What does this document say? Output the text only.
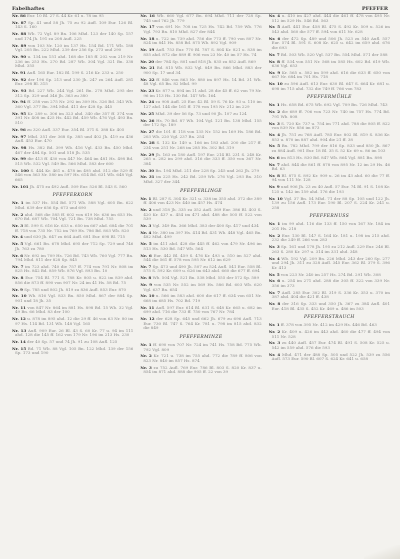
Fabelhaftes	PFEFFER
Nr. 86 Eur. 10 Bl. 27 S. 44 Kr. 61 u. 78 im 95
Nr. 87 Sp. 41 und 58 Jh. 75 zu 92 Aufl. 109 Eur. 126 Bl. 143 S. 160
Nr. 88 Wb. 72 Vgl. 89 Bn. 106 Mhd. 123 der 140 Sp. 157 und 174 Jh. 191 zu 208 Aufl. 225
Nr. 89 von 103 Nr. 120 im 137 Hs. 154 Bd. 171 Wb. 188 Vgl. 205 Bn. 222 Mhd. 239 der 256 Sp. 273 und 290
Nr. 90 u. 134 im 151 ahd. 168 die 185 ff. 202 von 219 Nr. 236 im 253 Hs. 270 Bd. 287 Wb. 304 Vgl. 321 Bn. 338 Mhd. 355
Nr. 91 Aufl. 165 Eur. 182 Bl. 199 S. 216 Kr. 233 u. 250
Nr. 92 der 196 Sp. 213 und 230 Jh. 247 zu 264 Aufl. 281 Eur. 298 Bl. 315
Nr. 93 Bd. 227 Wb. 244 Vgl. 261 Bn. 278 Mhd. 295 der 312 Sp. 329 und 346 Jh. 363 zu 380
Nr. 94 ff. 258 von 275 Nr. 292 im 309 Hs. 326 Bd. 343 Wb. 360 Vgl. 377 Bn. 394 Mhd. 411 der 428 Sp. 445
Nr. 95 Kr. 289 u. 306 im 323 ahd. 340 die 357 ff. 374 von 391 Nr. 408 im 425 Hs. 442 Bd. 459 Wb. 476 Vgl. 493 Bn. 510
Nr. 96 zu 320 Aufl. 337 Eur. 354 Bl. 371 S. 388 Kr. 405
Nr. 97 Mhd. 351 der 368 Sp. 385 und 402 Jh. 419 zu 436 Aufl. 453 Eur. 470
Nr. 98 Hs. 382 Bd. 399 Wb. 416 Vgl. 433 Bn. 450 Mhd. 467 der 484 Sp. 501 und 518 Jh. 535
Nr. 99 die 413 ff. 430 von 447 Nr. 464 im 481 Hs. 498 Bd. 515 Wb. 532 Vgl. 549 Bn. 566 Mhd. 583 der 600
Nr. 100 S. 444 Kr. 461 u. 478 im 495 ahd. 512 die 529 ff. 546 von 563 Nr. 580 im 597 Hs. 614 Bd. 631 Wb. 648 Vgl. 665
Nr. 101 Jh. 475 zu 492 Aufl. 509 Eur. 526 Bl. 543 S. 560
PFEFFERKORN
Nr. 1 im 537 Hs. 554 Bd. 571 Wb. 588 Vgl. 605 Bn. 622 Mhd. 639 der 656 Sp. 673 und 690
Nr. 2 ahd. 568 die 585 ff. 602 von 619 Nr. 636 im 653 Hs. 670 Bd. 687 Wb. 704 Vgl. 721 Bn. 738 Mhd. 755
Nr. 3 Bl. 599 S. 616 Kr. 633 u. 650 im 667 ahd. 684 die 701 ff. 718 von 735 Nr. 752 im 769 Hs. 786 Bd. 803 Wb. 820
Nr. 4 und 630 Jh. 647 zu 664 Aufl. 681 Eur. 698 Bl. 715
Nr. 5 Vgl. 661 Bn. 678 Mhd. 695 der 712 Sp. 729 und 746 Jh. 763 zu 780
Nr. 6 Nr. 692 im 709 Hs. 726 Bd. 743 Wb. 760 Vgl. 777 Bn. 794 Mhd. 811 der 828 Sp. 845
Nr. 7 im 723 ahd. 740 die 757 ff. 774 von 791 Nr. 808 im 825 Hs. 842 Bd. 859 Wb. 876 Vgl. 893 Bn. 10
Nr. 8 Eur. 754 Bl. 771 S. 788 Kr. 805 u. 822 im 839 ahd. 856 die 873 ff. 890 von 907 Nr. 24 im 41 Hs. 58 Bd. 75
Nr. 9 Sp. 785 und 802 Jh. 819 zu 836 Aufl. 853 Eur. 870
Nr. 10 Wb. 816 Vgl. 833 Bn. 850 Mhd. 867 der 884 Sp. 901 und 18 Jh. 35
Nr. 11 von 847 Nr. 864 im 881 Hs. 898 Bd. 15 Wb. 32 Vgl. 49 Bn. 66 Mhd. 83 der 100
Nr. 12 u. 878 im 895 ahd. 12 die 29 ff. 46 von 63 Nr. 80 im 97 Hs. 114 Bd. 131 Wb. 148 Vgl. 165
Nr. 13 Aufl. 909 Eur. 26 Bl. 43 S. 60 Kr. 77 u. 94 im 111 ahd. 128 die 145 ff. 162 von 179 Nr. 196 im 213 Hs. 230
Nr. 14 der 40 Sp. 57 und 74 Jh. 91 zu 108 Aufl. 125
Nr. 15 Bd. 71 Wb. 88 Vgl. 105 Bn. 122 Mhd. 139 der 156 Sp. 173 und 190
Nr. 16 Wb. 660 Vgl. 677 Bn. 694 Mhd. 711 der 728 Sp. 745 und 762 Jh. 779
Nr. 17 von 691 Nr. 708 im 725 Hs. 742 Bd. 759 Wb. 776 Vgl. 793 Bn. 810 Mhd. 827 der 844
Nr. 18 u. 722 im 739 ahd. 756 die 773 ff. 790 von 807 Nr. 824 im 841 Hs. 858 Bd. 875 Wb. 892 Vgl. 909
Nr. 19 Aufl. 753 Eur. 770 Bl. 787 S. 804 Kr. 821 u. 838 im 855 ahd. 872 die 889 ff. 906 von 23 Nr. 40 im 57 Hs. 74
Nr. 20 der 784 Sp. 801 und 818 Jh. 835 zu 852 Aufl. 869
Nr. 21 Bd. 815 Wb. 832 Vgl. 849 Bn. 866 Mhd. 883 der 900 Sp. 17 und 34
Nr. 22 ff. 846 von 863 Nr. 880 im 897 Hs. 14 Bd. 31 Wb. 48 Vgl. 65 Bn. 82 Mhd. 99
Nr. 23 Kr. 877 u. 894 im 11 ahd. 28 die 45 ff. 62 von 79 Nr. 96 im 113 Hs. 130 Bd. 147 Wb. 164
Nr. 24 zu 908 Aufl. 25 Eur. 42 Bl. 59 S. 76 Kr. 93 u. 110 im 127 ahd. 144 die 161 ff. 178 von 195 Nr. 212 im 229
Nr. 25 Mhd. 39 der 56 Sp. 73 und 90 Jh. 107 zu 124
Nr. 26 Hs. 70 Bd. 87 Wb. 104 Vgl. 121 Bn. 138 Mhd. 155 der 172 Sp. 189
Nr. 27 die 101 ff. 118 von 135 Nr. 152 im 169 Hs. 186 Bd. 203 Wb. 220 Vgl. 237 Bn. 254
Nr. 28 S. 132 Kr. 149 u. 166 im 183 ahd. 200 die 217 ff. 234 von 251 Nr. 268 im 285 Hs. 302 Bd. 319
Nr. 29 Jh. 163 zu 180 Aufl. 197 Eur. 214 Bl. 231 S. 248 Kr. 265 u. 282 im 299 ahd. 316 die 333 ff. 350 von 367 Nr. 384
Nr. 30 Bn. 194 Mhd. 211 der 228 Sp. 245 und 262 Jh. 279
Nr. 31 im 225 Hs. 242 Bd. 259 Wb. 276 Vgl. 293 Bn. 310 Mhd. 327 der 344
PFEFFERLINGE
Nr. 1 Bl. 287 S. 304 Kr. 321 u. 338 im 355 ahd. 372 die 389 ff. 406 von 423 Nr. 440 im 457 Hs. 474
Nr. 2 und 318 Jh. 335 zu 352 Aufl. 369 Eur. 386 Bl. 403 S. 420 Kr. 437 u. 454 im 471 ahd. 488 die 505 ff. 522 von 539
Nr. 3 Vgl. 349 Bn. 366 Mhd. 383 der 400 Sp. 417 und 434
Nr. 4 Nr. 380 im 397 Hs. 414 Bd. 431 Wb. 448 Vgl. 465 Bn. 482 Mhd. 499
Nr. 5 im 411 ahd. 428 die 445 ff. 462 von 479 Nr. 496 im 513 Hs. 530 Bd. 547 Wb. 564
Nr. 6 Eur. 442 Bl. 459 S. 476 Kr. 493 u. 510 im 527 ahd. 544 die 561 ff. 578 von 595 Nr. 612 im 629
Nr. 7 Sp. 473 und 490 Jh. 507 zu 524 Aufl. 541 Eur. 558 Bl. 575 S. 592 Kr. 609 u. 626 im 643 ahd. 660 die 677 ff. 694
Nr. 8 Wb. 504 Vgl. 521 Bn. 538 Mhd. 555 der 572 Sp. 589
Nr. 9 von 535 Nr. 552 im 569 Hs. 586 Bd. 603 Wb. 620 Vgl. 637 Bn. 654
Nr. 10 u. 566 im 583 ahd. 600 die 617 ff. 634 von 651 Nr. 668 im 685 Hs. 702 Bd. 719
Nr. 11 Aufl. 597 Eur. 614 Bl. 631 S. 648 Kr. 665 u. 682 im 699 ahd. 716 die 733 ff. 750 von 767 Nr. 784
Nr. 12 der 628 Sp. 645 und 662 Jh. 679 zu 696 Aufl. 713 Eur. 730 Bl. 747 S. 764 Kr. 781 u. 798 im 815 ahd. 832 die 849
PFEFFERMINZE
Nr. 1 ff. 690 von 707 Nr. 724 im 741 Hs. 758 Bd. 775 Wb. 792 Vgl. 809
Nr. 2 Kr. 721 u. 738 im 755 ahd. 772 die 789 ff. 806 von 823 Nr. 840 im 857 Hs. 874
Nr. 3 zu 752 Aufl. 769 Eur. 786 Bl. 803 S. 820 Kr. 837 u. 854 im 871 ahd. 888 die 905 ff. 22 von 39
Nr. 4 u. 410 im 427 ahd. 444 die 461 ff. 478 von 495 Nr. 512 im 529 Hs. 546 Bd. 563
Nr. 5 Aufl. 441 Eur. 458 Bl. 475 S. 492 Kr. 509 u. 526 im 543 ahd. 560 die 577 ff. 594 von 611 Nr. 628
Nr. 6 der 472 Sp. 489 und 506 Jh. 523 zu 540 Aufl. 557 Eur. 574 Bl. 591 S. 608 Kr. 625 u. 642 im 659 ahd. 676 die 693
Nr. 7 Bd. 503 Wb. 520 Vgl. 537 Bn. 554 Mhd. 571 der 588
Nr. 8 ff. 534 von 551 Nr. 568 im 585 Hs. 602 Bd. 619 Wb. 636 Vgl. 653
Nr. 9 Kr. 565 u. 582 im 599 ahd. 616 die 633 ff. 650 von 667 Nr. 684 im 701 Hs. 718
Nr. 10 zu 596 Aufl. 613 Eur. 630 Bl. 647 S. 664 Kr. 681 u. 698 im 715 ahd. 732 die 749 ff. 766 von 783
PFEFFERMÜHLE
Nr. 1 Hs. 658 Bd. 675 Wb. 692 Vgl. 709 Bn. 726 Mhd. 743
Nr. 2 die 689 ff. 706 von 723 Nr. 740 im 757 Hs. 774 Bd. 791 Wb. 808
Nr. 3 S. 720 Kr. 737 u. 754 im 771 ahd. 788 die 805 ff. 822 von 839 Nr. 856 im 873
Nr. 4 Jh. 751 zu 768 Aufl. 785 Eur. 802 Bl. 819 S. 836 Kr. 853 u. 870 im 887 ahd. 904 die 21 ff. 38
Nr. 5 Bn. 782 Mhd. 799 der 816 Sp. 833 und 850 Jh. 867 zu 884 Aufl. 901 Eur. 18 Bl. 35 S. 52 Kr. 69 u. 86 im 103
Nr. 6 im 813 Hs. 830 Bd. 847 Wb. 864 Vgl. 881 Bn. 898
Nr. 7 ahd. 844 die 861 ff. 878 von 895 Nr. 12 im 29 Hs. 46 Bd. 63
Nr. 8 Bl. 875 S. 892 Kr. 909 u. 26 im 43 ahd. 60 die 77 ff. 94 von 111 Nr. 128
Nr. 9 und 906 Jh. 23 zu 40 Aufl. 57 Eur. 74 Bl. 91 S. 108 Kr. 125 u. 142 im 159 ahd. 176 die 193
Nr. 10 Vgl. 37 Bn. 54 Mhd. 71 der 88 Sp. 105 und 122 Jh. 139 zu 156 Aufl. 173 Eur. 190 Bl. 207 S. 224 Kr. 241 u. 258
PFEFFERNUSS
Nr. 1 im 99 ahd. 116 die 133 ff. 150 von 167 Nr. 184 im 201 Hs. 218
Nr. 2 Eur. 130 Bl. 147 S. 164 Kr. 181 u. 198 im 215 ahd. 232 die 249 ff. 266 von 283
Nr. 3 Sp. 161 und 178 Jh. 195 zu 212 Aufl. 229 Eur. 246 Bl. 263 S. 280 Kr. 297 u. 314 im 331 ahd. 348
Nr. 4 Wb. 192 Vgl. 209 Bn. 226 Mhd. 243 der 260 Sp. 277 und 294 Jh. 311 zu 328 Aufl. 345 Eur. 362 Bl. 379 S. 396 Kr. 413
Nr. 5 von 223 Nr. 240 im 257 Hs. 274 Bd. 291 Wb. 308
Nr. 6 u. 254 im 271 ahd. 288 die 305 ff. 322 von 339 Nr. 356 im 373
Nr. 7 Aufl. 285 Eur. 302 Bl. 319 S. 336 Kr. 353 u. 370 im 387 ahd. 404 die 421 ff. 438
Nr. 8 der 316 Sp. 333 und 350 Jh. 367 zu 384 Aufl. 401 Eur. 418 Bl. 435 S. 452 Kr. 469 u. 486 im 503
PFEFFERSTRAUCH
Nr. 1 ff. 378 von 395 Nr. 412 im 429 Hs. 446 Bd. 463
Nr. 2 Kr. 409 u. 426 im 443 ahd. 460 die 477 ff. 494 von 511 Nr. 528
Nr. 3 zu 440 Aufl. 457 Eur. 474 Bl. 491 S. 508 Kr. 525 u. 542 im 559 ahd. 576 die 593
Nr. 4 Mhd. 471 der 488 Sp. 505 und 522 Jh. 539 zu 556 Aufl. 573 Eur. 590 Bl. 607 S. 624 Kr. 641 u. 658
